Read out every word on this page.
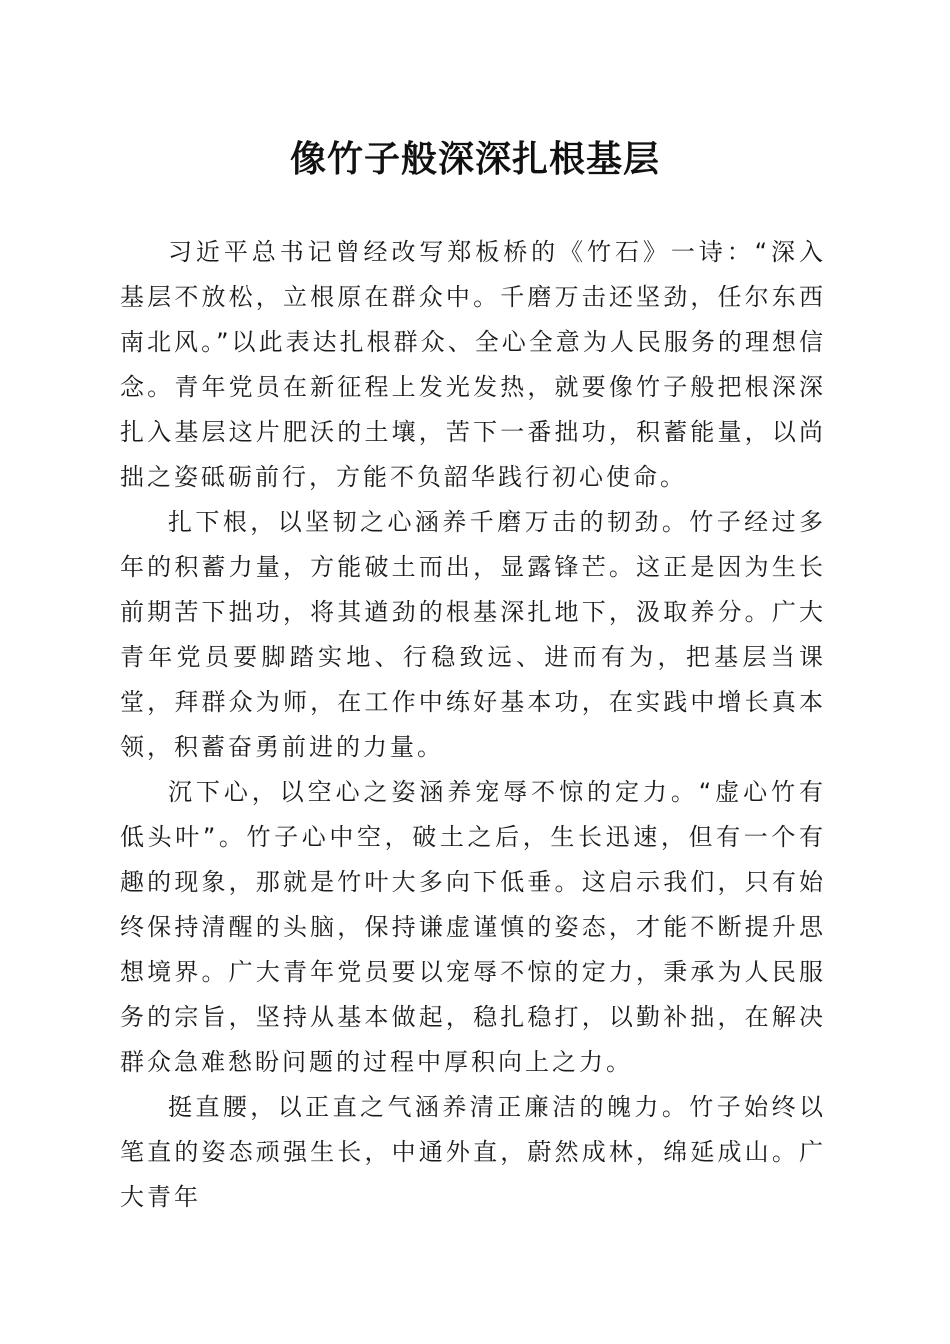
像竹子般深深扎根基层

习近平总书记曾经改写郑板桥的《竹石》一诗：“深入基层不放松，立根原在群众中。千磨万击还坚劲，任尔东西南北风。”以此表达扎根群众、全心全意为人民服务的理想信念。青年党员在新征程上发光发热，就要像竹子般把根深深扎入基层这片肥沃的土壤，苦下一番拙功，积蓄能量，以尚拙之姿砥砺前行，方能不负韶华践行初心使命。

扎下根，以坚韧之心涵养千磨万击的韧劲。竹子经过多年的积蓄力量，方能破土而出，显露锋芒。这正是因为生长前期苦下拙功，将其遒劲的根基深扎地下，汲取养分。广大青年党员要脚踏实地、行稳致远、进而有为，把基层当课堂，拜群众为师，在工作中练好基本功，在实践中增长真本领，积蓄奋勇前进的力量。

沉下心，以空心之姿涵养宠辱不惊的定力。“虚心竹有低头叶”。竹子心中空，破土之后，生长迅速，但有一个有趣的现象，那就是竹叶大多向下低垂。这启示我们，只有始终保持清醒的头脑，保持谦虚谨慎的姿态，才能不断提升思想境界。广大青年党员要以宠辱不惊的定力，秉承为人民服务的宗旨，坚持从基本做起，稳扎稳打，以勤补拙，在解决群众急难愁盼问题的过程中厚积向上之力。

挺直腰，以正直之气涵养清正廉洁的魄力。竹子始终以笔直的姿态顽强生长，中通外直，蔚然成林，绵延成山。广大青年
